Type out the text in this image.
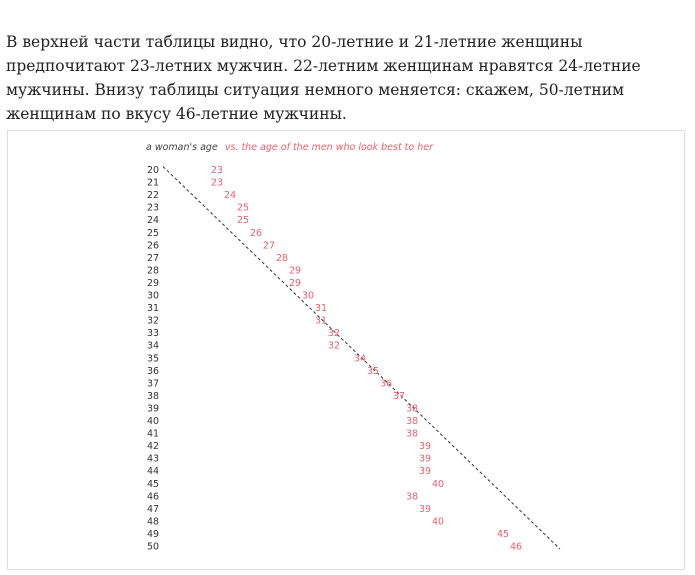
В верхней части таблицы видно, что 20-летние и 21-летние женщины предпочитают 23-летних мужчин. 22-летним женщинам нравятся 24-летние мужчины. Внизу таблицы ситуация немного меняется: скажем, 50-летним женщинам по вкусу 46-летние мужчины.

a woman's age vs. the age of the men who look best to her
20
21
22
23
24
25
26
27
28
29
30
31
32
33
34
35
36
37
38
39
40
41
42
43
44
45
46
47
48
49
50
23
23
24
25
25
26
27
28
29
29
30
31
31
32
32
34
35
36
37
38
38
38
39
39
39
40
38
39
40
45
46
